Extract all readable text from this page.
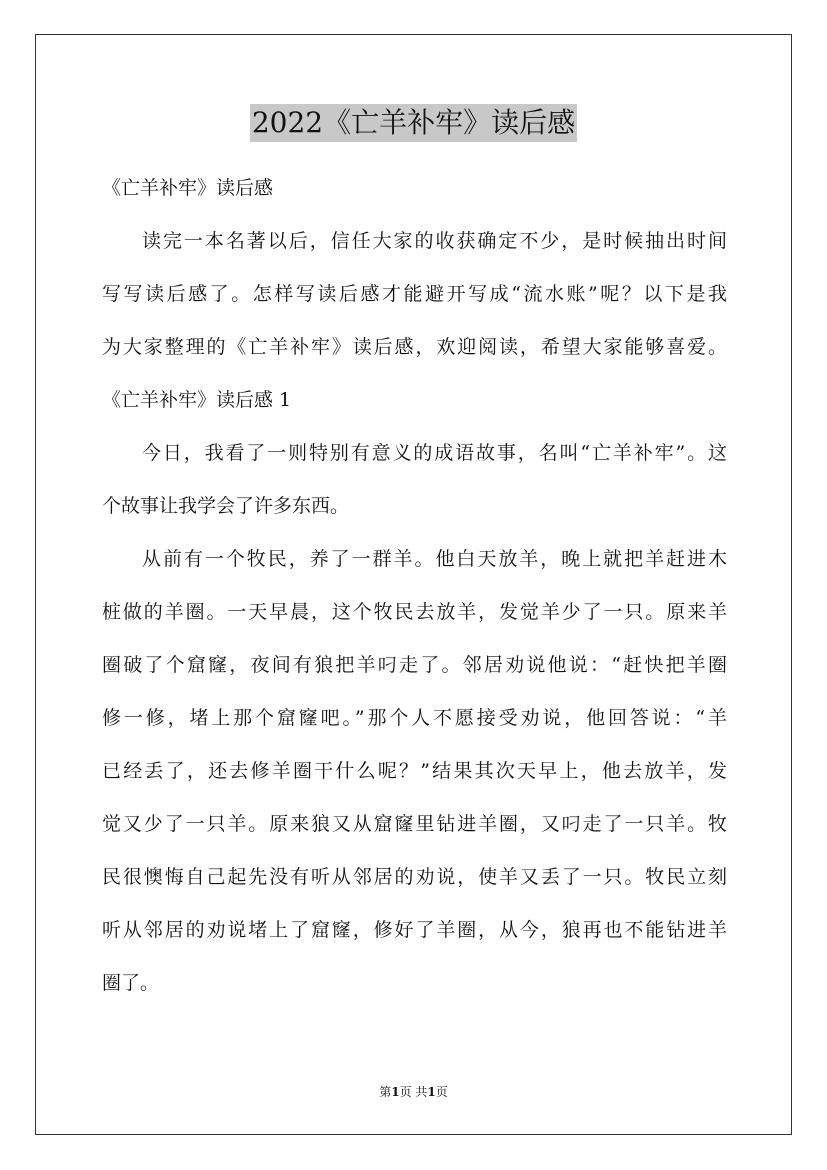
2022《亡羊补牢》读后感
《亡羊补牢》读后感
读完一本名著以后，信任大家的收获确定不少，是时候抽出时间
写写读后感了。怎样写读后感才能避开写成“流水账”呢？以下是我
为大家整理的《亡羊补牢》读后感，欢迎阅读，希望大家能够喜爱。
《亡羊补牢》读后感 1
今日，我看了一则特别有意义的成语故事，名叫“亡羊补牢”。这
个故事让我学会了许多东西。
从前有一个牧民，养了一群羊。他白天放羊，晚上就把羊赶进木
桩做的羊圈。一天早晨，这个牧民去放羊，发觉羊少了一只。原来羊
圈破了个窟窿，夜间有狼把羊叼走了。邻居劝说他说：“赶快把羊圈
修一修，堵上那个窟窿吧。”那个人不愿接受劝说，他回答说：“羊
已经丢了，还去修羊圈干什么呢？”结果其次天早上，他去放羊，发
觉又少了一只羊。原来狼又从窟窿里钻进羊圈，又叼走了一只羊。牧
民很懊悔自己起先没有听从邻居的劝说，使羊又丢了一只。牧民立刻
听从邻居的劝说堵上了窟窿，修好了羊圈，从今，狼再也不能钻进羊
圈了。
第1页 共1页
